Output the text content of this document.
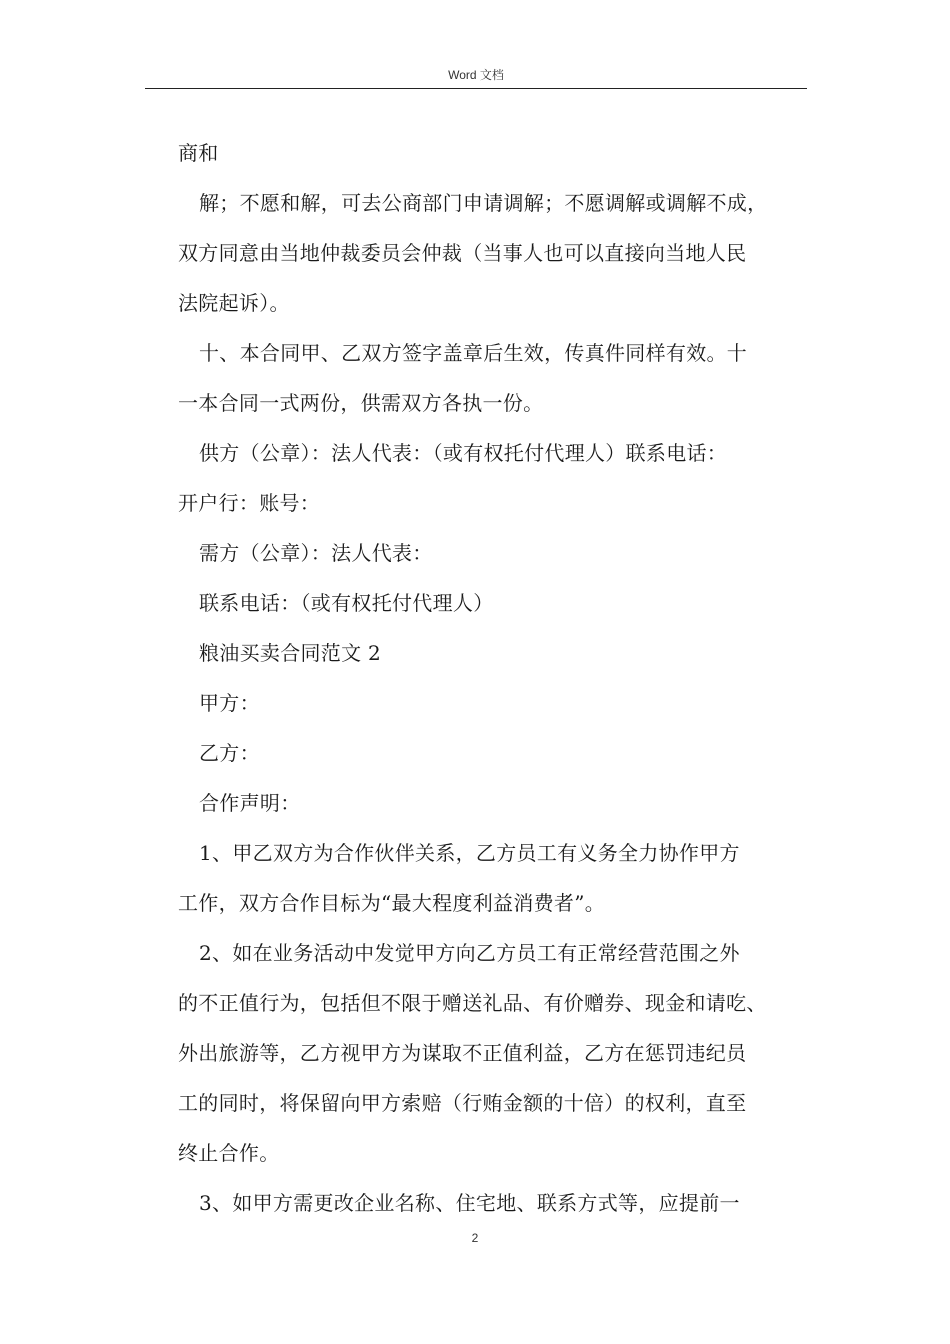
Word 文档
商和
解；不愿和解，可去公商部门申请调解；不愿调解或调解不成，
双方同意由当地仲裁委员会仲裁（当事人也可以直接向当地人民
法院起诉）。
十、本合同甲、乙双方签字盖章后生效，传真件同样有效。十
一本合同一式两份，供需双方各执一份。
供方（公章）：法人代表：（或有权托付代理人）联系电话：
开户行：账号：
需方（公章）：法人代表：
联系电话：（或有权托付代理人）
粮油买卖合同范文 2
甲方：
乙方：
合作声明：
1、甲乙双方为合作伙伴关系，乙方员工有义务全力协作甲方
工作，双方合作目标为“最大程度利益消费者”。
2、如在业务活动中发觉甲方向乙方员工有正常经营范围之外
的不正值行为，包括但不限于赠送礼品、有价赠券、现金和请吃、
外出旅游等，乙方视甲方为谋取不正值利益，乙方在惩罚违纪员
工的同时，将保留向甲方索赔（行贿金额的十倍）的权利，直至
终止合作。
3、如甲方需更改企业名称、住宅地、联系方式等，应提前一
2
